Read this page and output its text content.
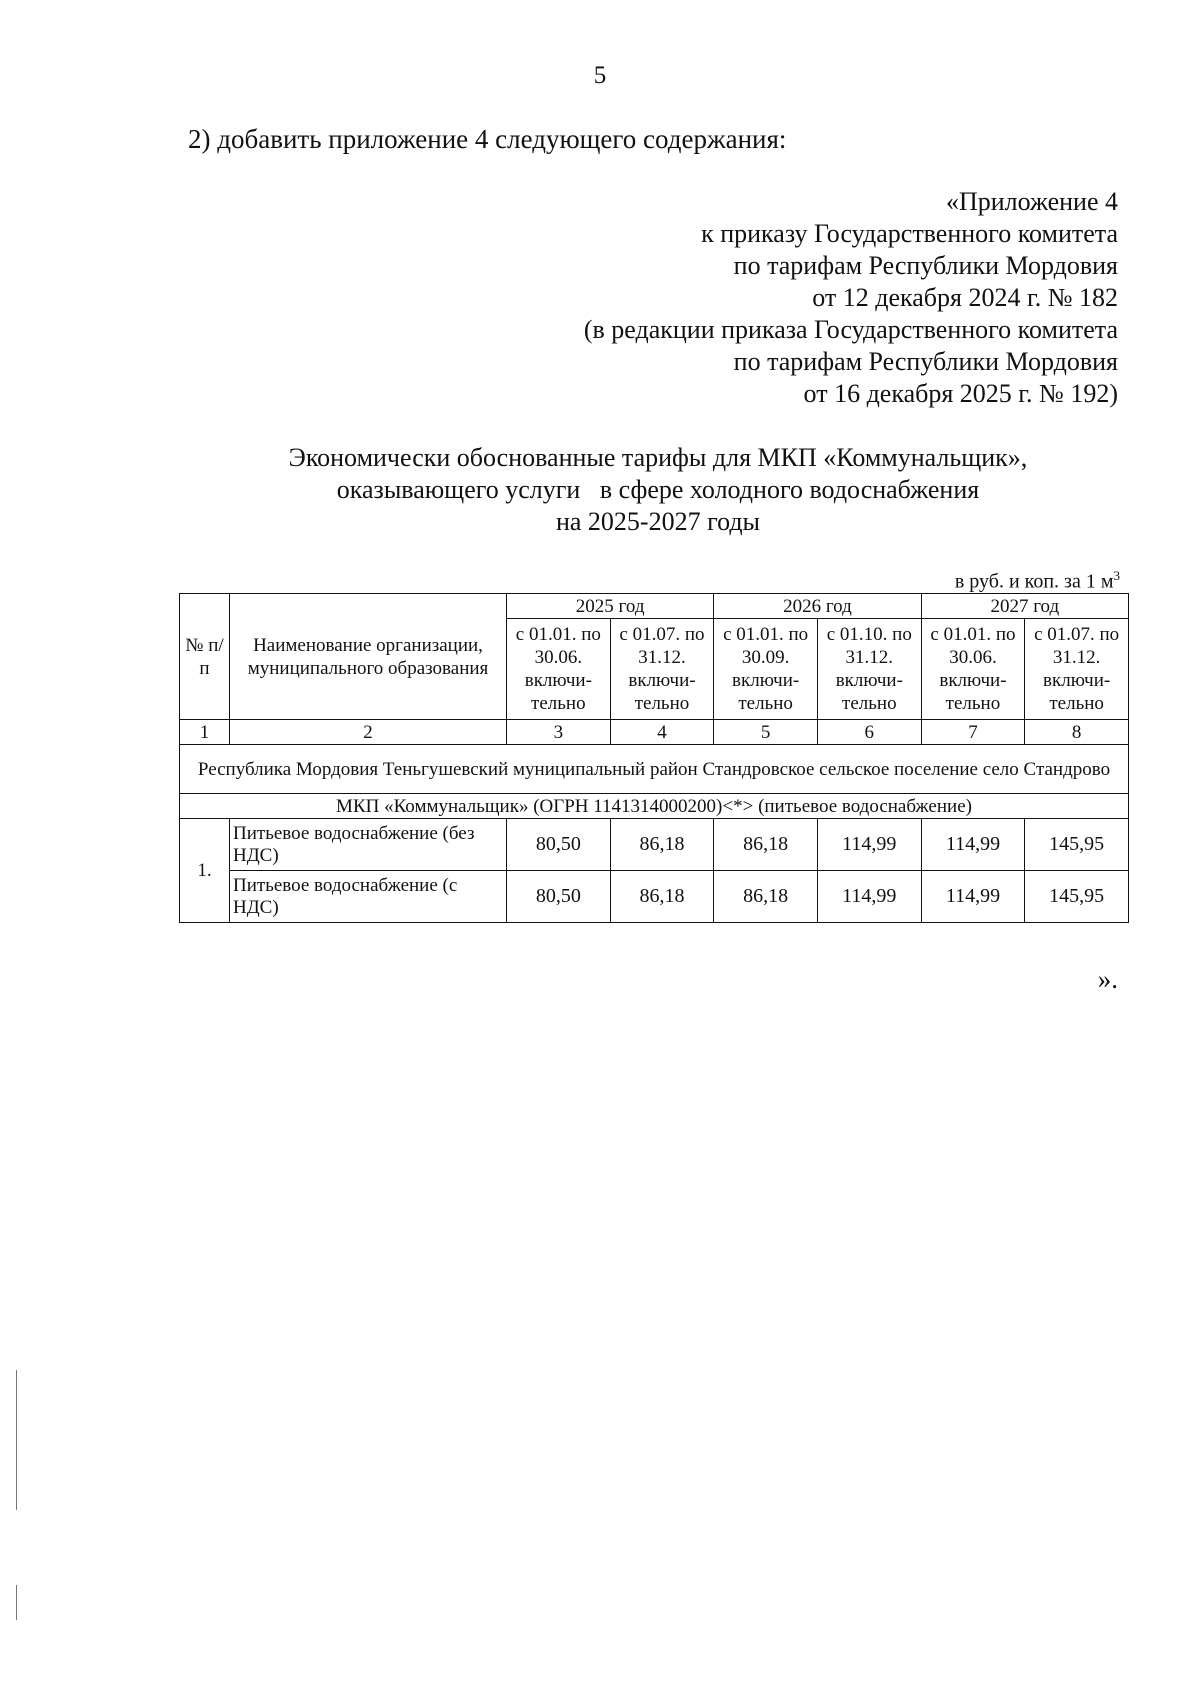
5
2) добавить приложение 4 следующего содержания:
«Приложение 4
к приказу Государственного комитета
по тарифам Республики Мордовия
от 12 декабря 2024 г. № 182
(в редакции приказа Государственного комитета
по тарифам Республики Мордовия
от 16 декабря 2025 г. № 192)
Экономически обоснованные тарифы для МКП «Коммунальщик»,
оказывающего услуги   в сфере холодного водоснабжения
на 2025-2027 годы
в руб. и коп. за 1 $м^3$
№ п/п	Наименование организации, муниципального образования	2025 год		2026 год		2027 год	
		с 01.01. по 30.06. включи-тельно	с 01.07. по 31.12. включи-тельно	с 01.01. по 30.09. включи-тельно	с 01.10. по 31.12. включи-тельно	с 01.01. по 30.06. включи-тельно	с 01.07. по 31.12. включи-тельно
1	2	3	4	5	6	7	8
Республика Мордовия Теньгушевский муниципальный район Стандровское сельское поселение село Стандрово							
МКП «Коммунальщик» (ОГРН 1141314000200)<*> (питьевое водоснабжение)							
1.	Питьевое водоснабжение (без НДС)	80,50	86,18	86,18	114,99	114,99	145,95
	Питьевое водоснабжение (с НДС)	80,50	86,18	86,18	114,99	114,99	145,95
».
